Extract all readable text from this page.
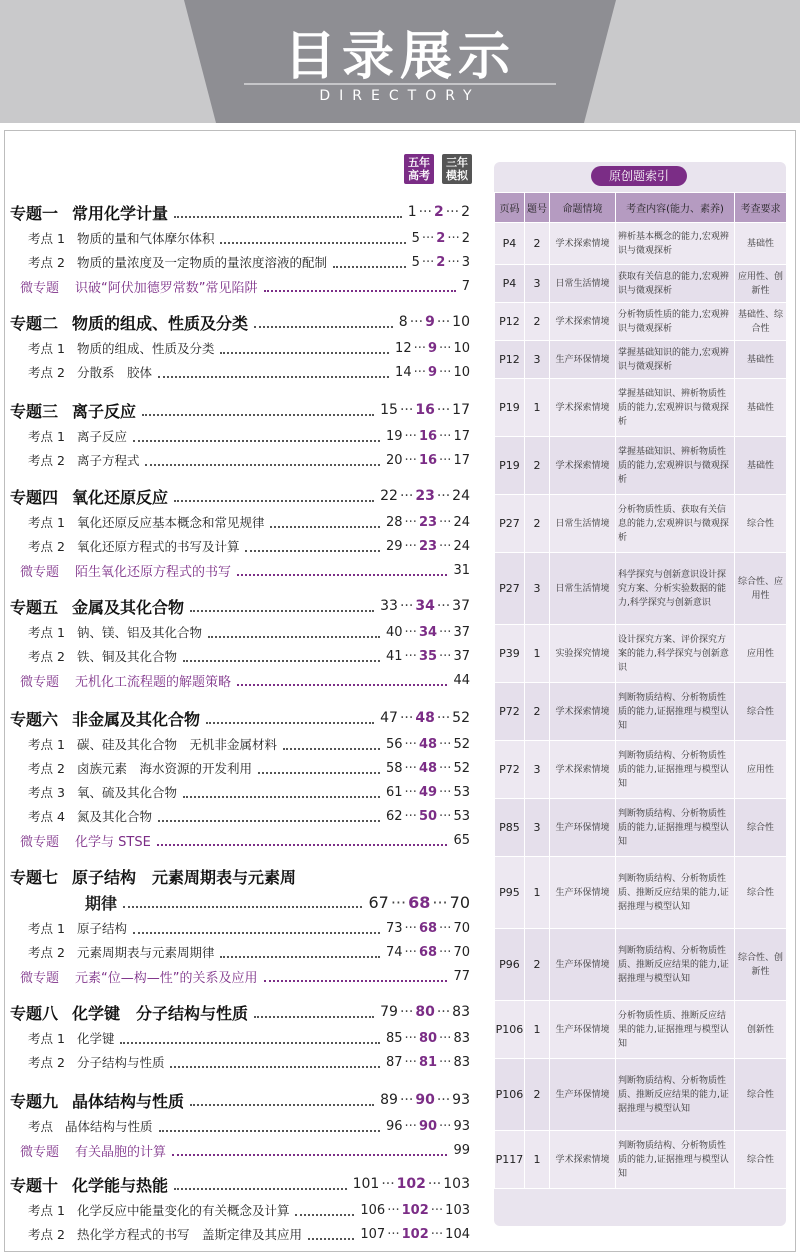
目录展示
DIRECTORY
五年高考
三年模拟
专题一 常用化学计量	1 ··· 2 ··· 2
考点 1 物质的量和气体摩尔体积	5 ··· 2 ··· 2
考点 2 物质的量浓度及一定物质的量浓度溶液的配制	5 ··· 2 ··· 3
微专题 识破“阿伏加德罗常数”常见陷阱	7
专题二 物质的组成、性质及分类	8 ··· 9 ··· 10
考点 1 物质的组成、性质及分类	12 ··· 9 ··· 10
考点 2 分散系　胶体	14 ··· 9 ··· 10
专题三 离子反应	15 ··· 16 ··· 17
考点 1 离子反应	19 ··· 16 ··· 17
考点 2 离子方程式	20 ··· 16 ··· 17
专题四 氧化还原反应	22 ··· 23 ··· 24
考点 1 氧化还原反应基本概念和常见规律	28 ··· 23 ··· 24
考点 2 氧化还原方程式的书写及计算	29 ··· 23 ··· 24
微专题 陌生氧化还原方程式的书写	31
专题五 金属及其化合物	33 ··· 34 ··· 37
考点 1 钠、镁、铝及其化合物	40 ··· 34 ··· 37
考点 2 铁、铜及其化合物	41 ··· 35 ··· 37
微专题 无机化工流程题的解题策略	44
专题六 非金属及其化合物	47 ··· 48 ··· 52
考点 1 碳、硅及其化合物　无机非金属材料	56 ··· 48 ··· 52
考点 2 卤族元素　海水资源的开发利用	58 ··· 48 ··· 52
考点 3 氧、硫及其化合物	61 ··· 49 ··· 53
考点 4 氮及其化合物	62 ··· 50 ··· 53
微专题 化学与 STSE	65
专题七 原子结构　元素周期表与元素周
期律	67 ··· 68 ··· 70
考点 1 原子结构	73 ··· 68 ··· 70
考点 2 元素周期表与元素周期律	74 ··· 68 ··· 70
微专题 元素“位—构—性”的关系及应用	77
专题八 化学键　分子结构与性质	79 ··· 80 ··· 83
考点 1 化学键	85 ··· 80 ··· 83
考点 2 分子结构与性质	87 ··· 81 ··· 83
专题九 晶体结构与性质	89 ··· 90 ··· 93
考点 晶体结构与性质	96 ··· 90 ··· 93
微专题 有关晶胞的计算	99
专题十 化学能与热能	101 ··· 102 ··· 103
考点 1 化学反应中能量变化的有关概念及计算	106 ··· 102 ··· 103
考点 2 热化学方程式的书写　盖斯定律及其应用	107 ··· 102 ··· 104
原创题索引
页码	题号	命题情境	考查内容(能力、素养)	考查要求
P4	2	学术探索情境	辨析基本概念的能力,宏观辨识与微观探析	基础性
P4	3	日常生活情境	获取有关信息的能力,宏观辨识与微观探析	应用性、创新性
P12	2	学术探索情境	分析物质性质的能力,宏观辨识与微观探析	基础性、综合性
P12	3	生产环保情境	掌握基础知识的能力,宏观辨识与微观探析	基础性
P19	1	学术探索情境	掌握基础知识、辨析物质性质的能力,宏观辨识与微观探析	基础性
P19	2	学术探索情境	掌握基础知识、辨析物质性质的能力,宏观辨识与微观探析	基础性
P27	2	日常生活情境	分析物质性质、获取有关信息的能力,宏观辨识与微观探析	综合性
P27	3	日常生活情境	科学探究与创新意识设计探究方案、分析实验数据的能力,科学探究与创新意识	综合性、应用性
P39	1	实验探究情境	设计探究方案、评价探究方案的能力,科学探究与创新意识	应用性
P72	2	学术探索情境	判断物质结构、分析物质性质的能力,证据推理与模型认知	综合性
P72	3	学术探索情境	判断物质结构、分析物质性质的能力,证据推理与模型认知	应用性
P85	3	生产环保情境	判断物质结构、分析物质性质的能力,证据推理与模型认知	综合性
P95	1	生产环保情境	判断物质结构、分析物质性质、推断反应结果的能力,证据推理与模型认知	综合性
P96	2	生产环保情境	判断物质结构、分析物质性质、推断反应结果的能力,证据推理与模型认知	综合性、创新性
P106	1	生产环保情境	分析物质性质、推断反应结果的能力,证据推理与模型认知	创新性
P106	2	生产环保情境	判断物质结构、分析物质性质、推断反应结果的能力,证据推理与模型认知	综合性
P117	1	学术探索情境	判断物质结构、分析物质性质的能力,证据推理与模型认知	综合性
